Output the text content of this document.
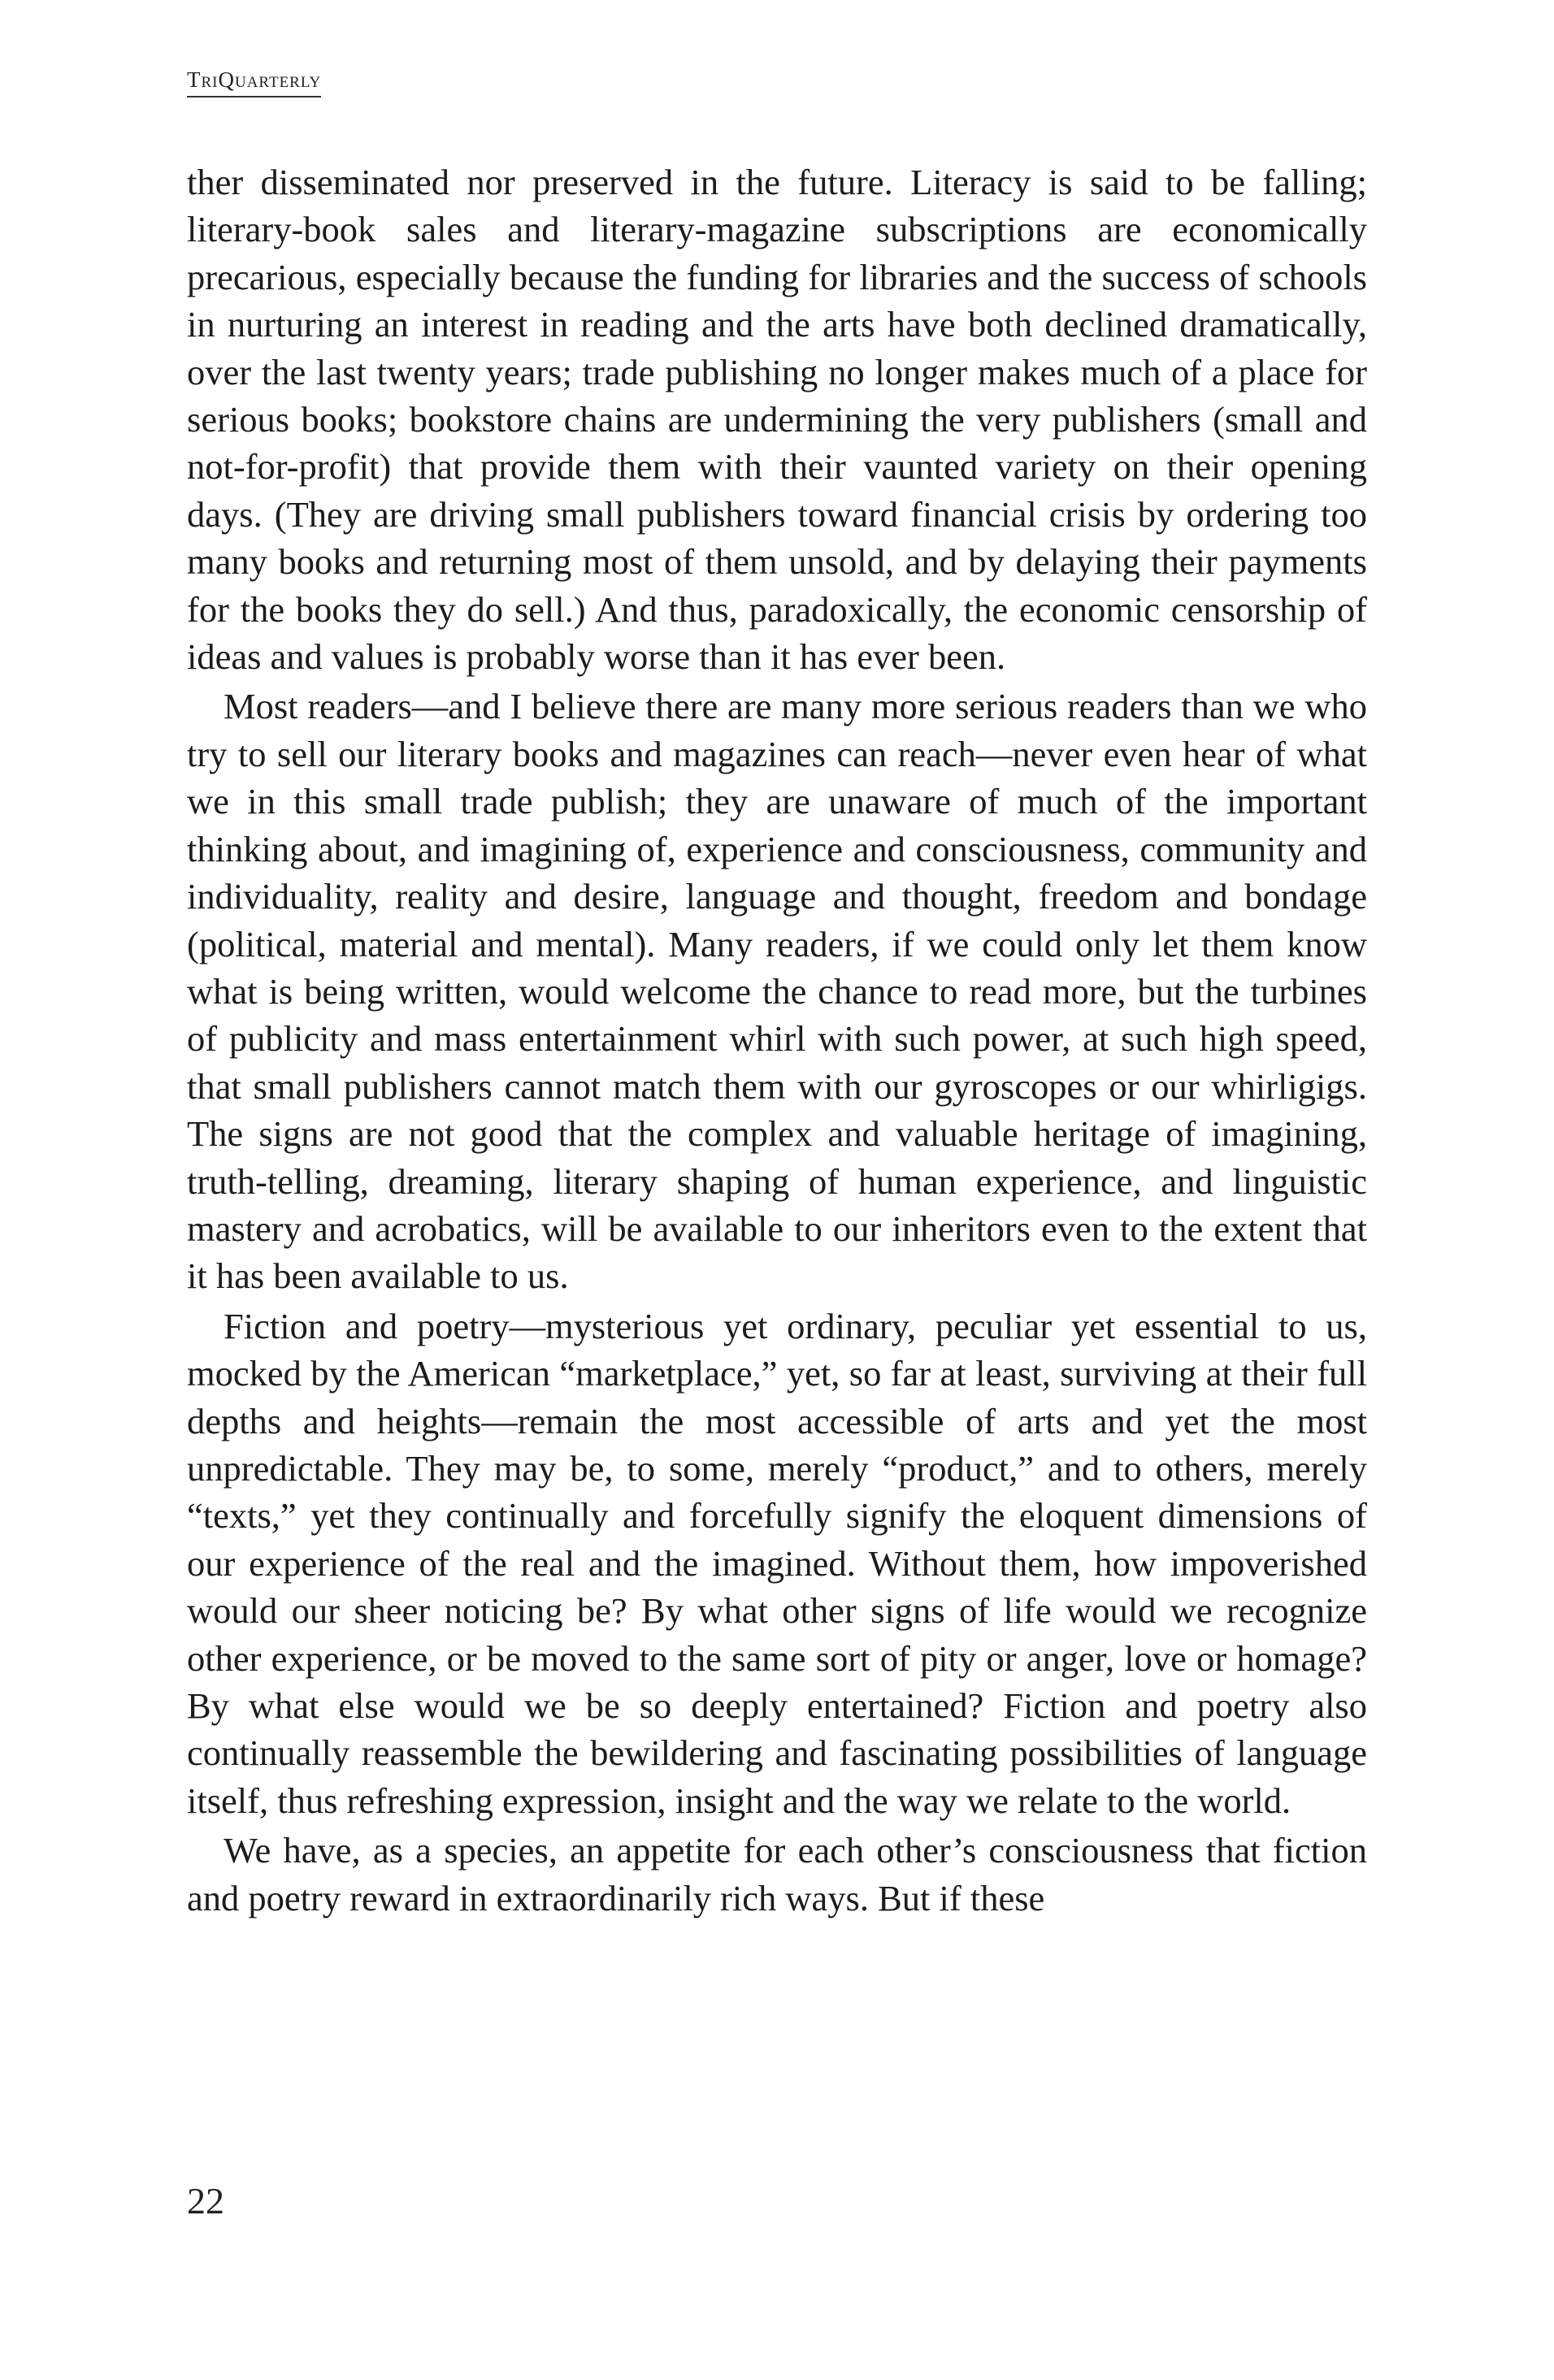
TriQuarterly

ther disseminated nor preserved in the future. Literacy is said to be falling; literary-book sales and literary-magazine subscriptions are economically precarious, especially because the funding for libraries and the success of schools in nurturing an interest in reading and the arts have both declined dramatically, over the last twenty years; trade publishing no longer makes much of a place for serious books; bookstore chains are undermining the very publishers (small and not-for-profit) that provide them with their vaunted variety on their opening days. (They are driving small publishers toward financial crisis by ordering too many books and returning most of them unsold, and by delaying their payments for the books they do sell.) And thus, paradoxically, the economic censorship of ideas and values is probably worse than it has ever been.

Most readers—and I believe there are many more serious readers than we who try to sell our literary books and magazines can reach—never even hear of what we in this small trade publish; they are unaware of much of the important thinking about, and imagining of, experience and consciousness, community and individuality, reality and desire, language and thought, freedom and bondage (political, material and mental). Many readers, if we could only let them know what is being written, would welcome the chance to read more, but the turbines of publicity and mass entertainment whirl with such power, at such high speed, that small publishers cannot match them with our gyroscopes or our whirligigs. The signs are not good that the complex and valuable heritage of imagining, truth-telling, dreaming, literary shaping of human experience, and linguistic mastery and acrobatics, will be available to our inheritors even to the extent that it has been available to us.

Fiction and poetry—mysterious yet ordinary, peculiar yet essential to us, mocked by the American “marketplace,” yet, so far at least, surviving at their full depths and heights—remain the most accessible of arts and yet the most unpredictable. They may be, to some, merely “product,” and to others, merely “texts,” yet they continually and forcefully signify the eloquent dimensions of our experience of the real and the imagined. Without them, how impoverished would our sheer noticing be? By what other signs of life would we recognize other experience, or be moved to the same sort of pity or anger, love or homage? By what else would we be so deeply entertained? Fiction and poetry also continually reassemble the bewildering and fascinating possibilities of language itself, thus refreshing expression, insight and the way we relate to the world.

We have, as a species, an appetite for each other’s consciousness that fiction and poetry reward in extraordinarily rich ways. But if these

22
